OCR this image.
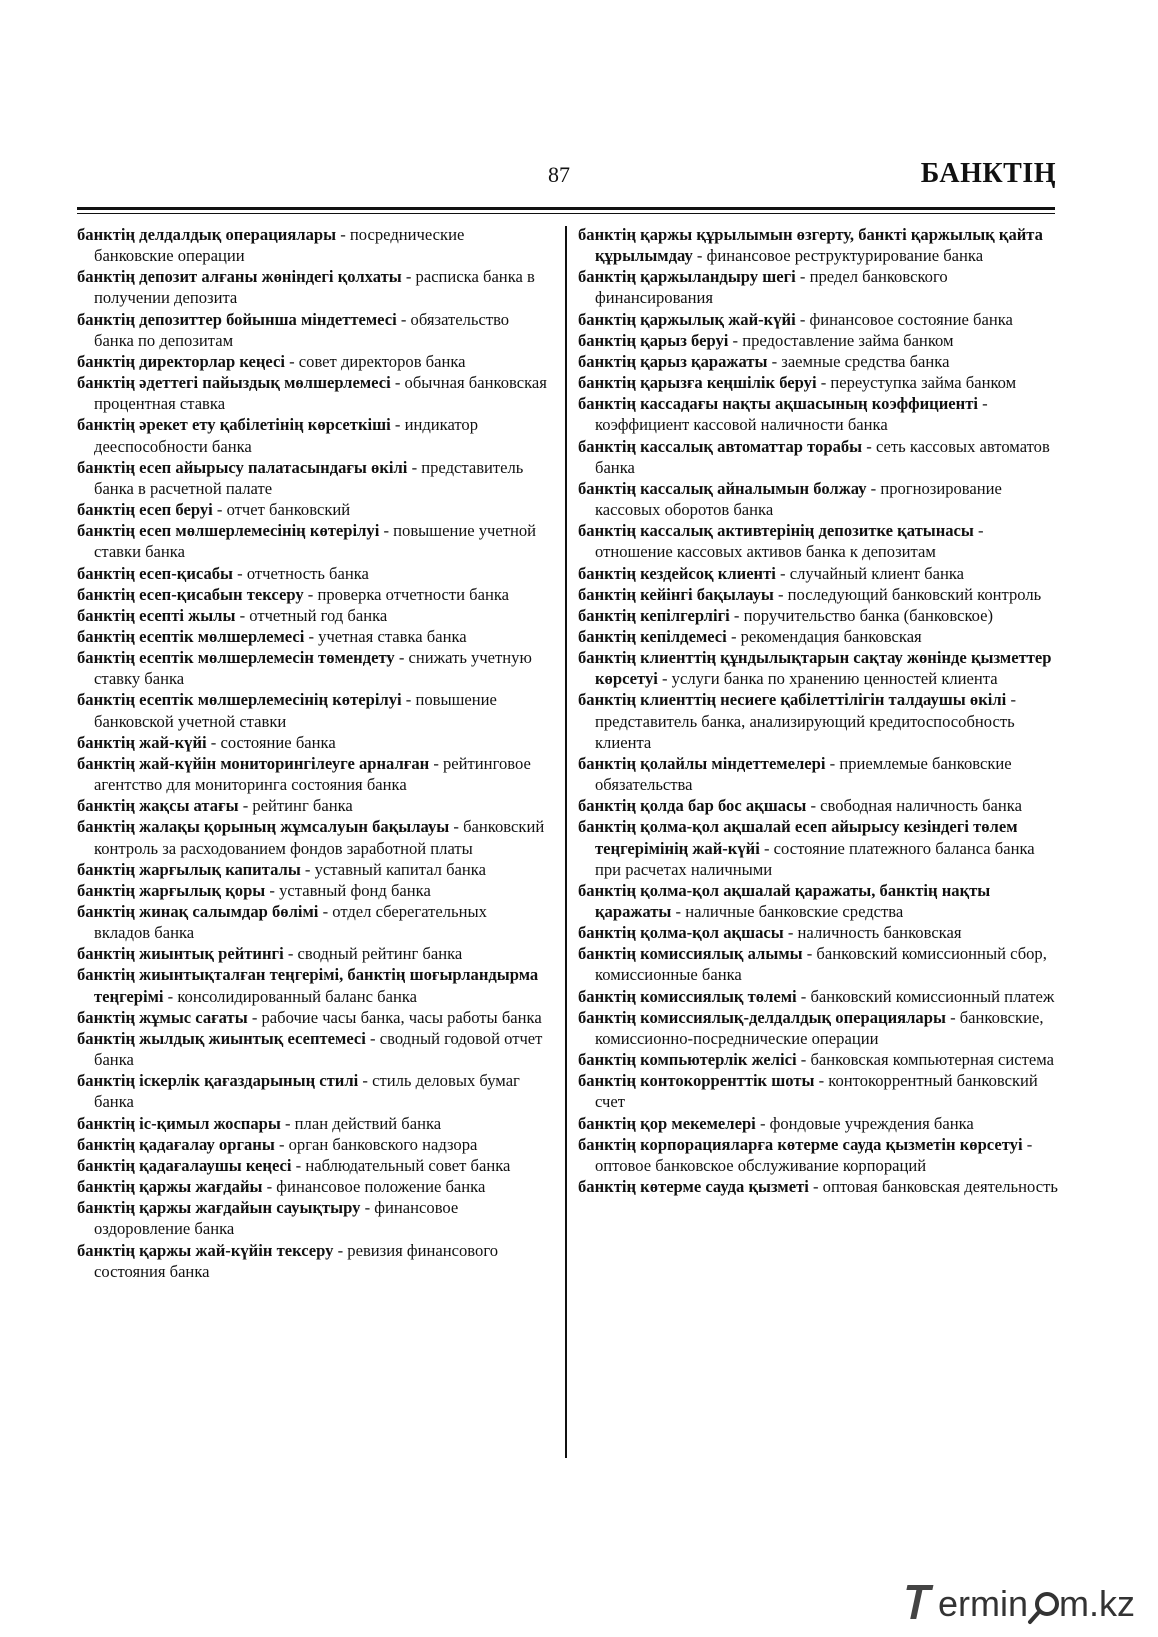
87	БАНКТІҢ
банктің делдалдық операциялары - посреднические банковские операции
банктің депозит алғаны жөніндегі қолхаты - расписка банка в получении депозита
банктің депозиттер бойынша міндеттемесі - обязательство банка по депозитам
банктің директорлар кеңесі - совет директоров банка
банктің әдеттегі пайыздық мөлшерлемесі - обычная банковская процентная ставка
банктің әрекет ету қабілетінің көрсеткіші - индикатор дееспособности банка
банктің есеп айырысу палатасындағы өкілі - представитель банка в расчетной палате
банктің есеп беруі - отчет банковский
банктің есеп мөлшерлемесінің көтерілуі - повышение учетной ставки банка
банктің есеп-қисабы - отчетность банка
банктің есеп-қисабын тексеру - проверка отчетности банка
банктің есепті жылы - отчетный год банка
банктің есептік мөлшерлемесі - учетная ставка банка
банктің есептік мөлшерлемесін төмендету - снижать учетную ставку банка
банктің есептік мөлшерлемесінің көтерілуі - повышение банковской учетной ставки
банктің жай-күйі - состояние банка
банктің жай-күйін мониторингілеуге арналған - рейтинговое агентство для мониторинга состояния банка
банктің жақсы атағы - рейтинг банка
банктің жалақы қорының жұмсалуын бақылауы - банковский контроль за расходованием фондов заработной платы
банктің жарғылық капиталы - уставный капитал банка
банктің жарғылық қоры - уставный фонд банка
банктің жинақ салымдар бөлімі - отдел сберегательных вкладов банка
банктің жиынтық рейтингі - сводный рейтинг банка
банктің жиынтықталған теңгерімі, банктің шоғырландырма теңгерімі - консолидированный баланс банка
банктің жұмыс сағаты - рабочие часы банка, часы работы банка
банктің жылдық жиынтық есептемесі - сводный годовой отчет банка
банктің іскерлік қағаздарының стилі - стиль деловых бумаг банка
банктің іс-қимыл жоспары - план действий банка
банктің қадағалау органы - орган банковского надзора
банктің қадағалаушы кеңесі - наблюдательный совет банка
банктің қаржы жағдайы - финансовое положение банка
банктің қаржы жағдайын сауықтыру - финансовое оздоровление банка
банктің қаржы жай-күйін тексеру - ревизия финансового состояния банка
банктің қаржы құрылымын өзгерту, банкті қаржылық қайта құрылымдау - финансовое реструктурирование банка
банктің қаржыландыру шегі - предел банковского финансирования
банктің қаржылық жай-күйі - финансовое состояние банка
банктің қарыз беруі - предоставление займа банком
банктің қарыз қаражаты - заемные средства банка
банктің қарызға кеңшілік беруі - переуступка займа банком
банктің кассадағы нақты ақшасының коэффициенті - коэффициент кассовой наличности банка
банктің кассалық автоматтар торабы - сеть кассовых автоматов банка
банктің кассалық айналымын болжау - прогнозирование кассовых оборотов банка
банктің кассалық активтерінің депозитке қатынасы - отношение кассовых активов банка к депозитам
банктің кездейсоқ клиенті - случайный клиент банка
банктің кейінгі бақылауы - последующий банковский контроль
банктің кепілгерлігі - поручительство банка (банковское)
банктің кепілдемесі - рекомендация банковская
банктің клиенттің құндылықтарын сақтау жөнінде қызметтер көрсетуі - услуги банка по хранению ценностей клиента
банктің клиенттің несиеге қабілеттілігін талдаушы өкілі - представитель банка, анализирующий кредитоспособность клиента
банктің қолайлы міндеттемелері - приемлемые банковские обязательства
банктің қолда бар бос ақшасы - свободная наличность банка
банктің қолма-қол ақшалай есеп айырысу кезіндегі төлем теңгерімінің жай-күйі - состояние платежного баланса банка при расчетах наличными
банктің қолма-қол ақшалай қаражаты, банктің нақты қаражаты - наличные банковские средства
банктің қолма-қол ақшасы - наличность банковская
банктің комиссиялық алымы - банковский комиссионный сбор, комиссионные банка
банктің комиссиялық төлемі - банковский комиссионный платеж
банктің комиссиялық-делдалдық операциялары - банковские, комиссионно-посреднические операции
банктің компьютерлік желісі - банковская компьютерная система
банктің контокорренттік шоты - контокоррентный банковский счет
банктің қор мекемелері - фондовые учреждения банка
банктің корпорацияларға көтерме сауда қызметін көрсетуі - оптовое банковское обслуживание корпораций
банктің көтерме сауда қызметі - оптовая банковская деятельность
ermin m.kz
